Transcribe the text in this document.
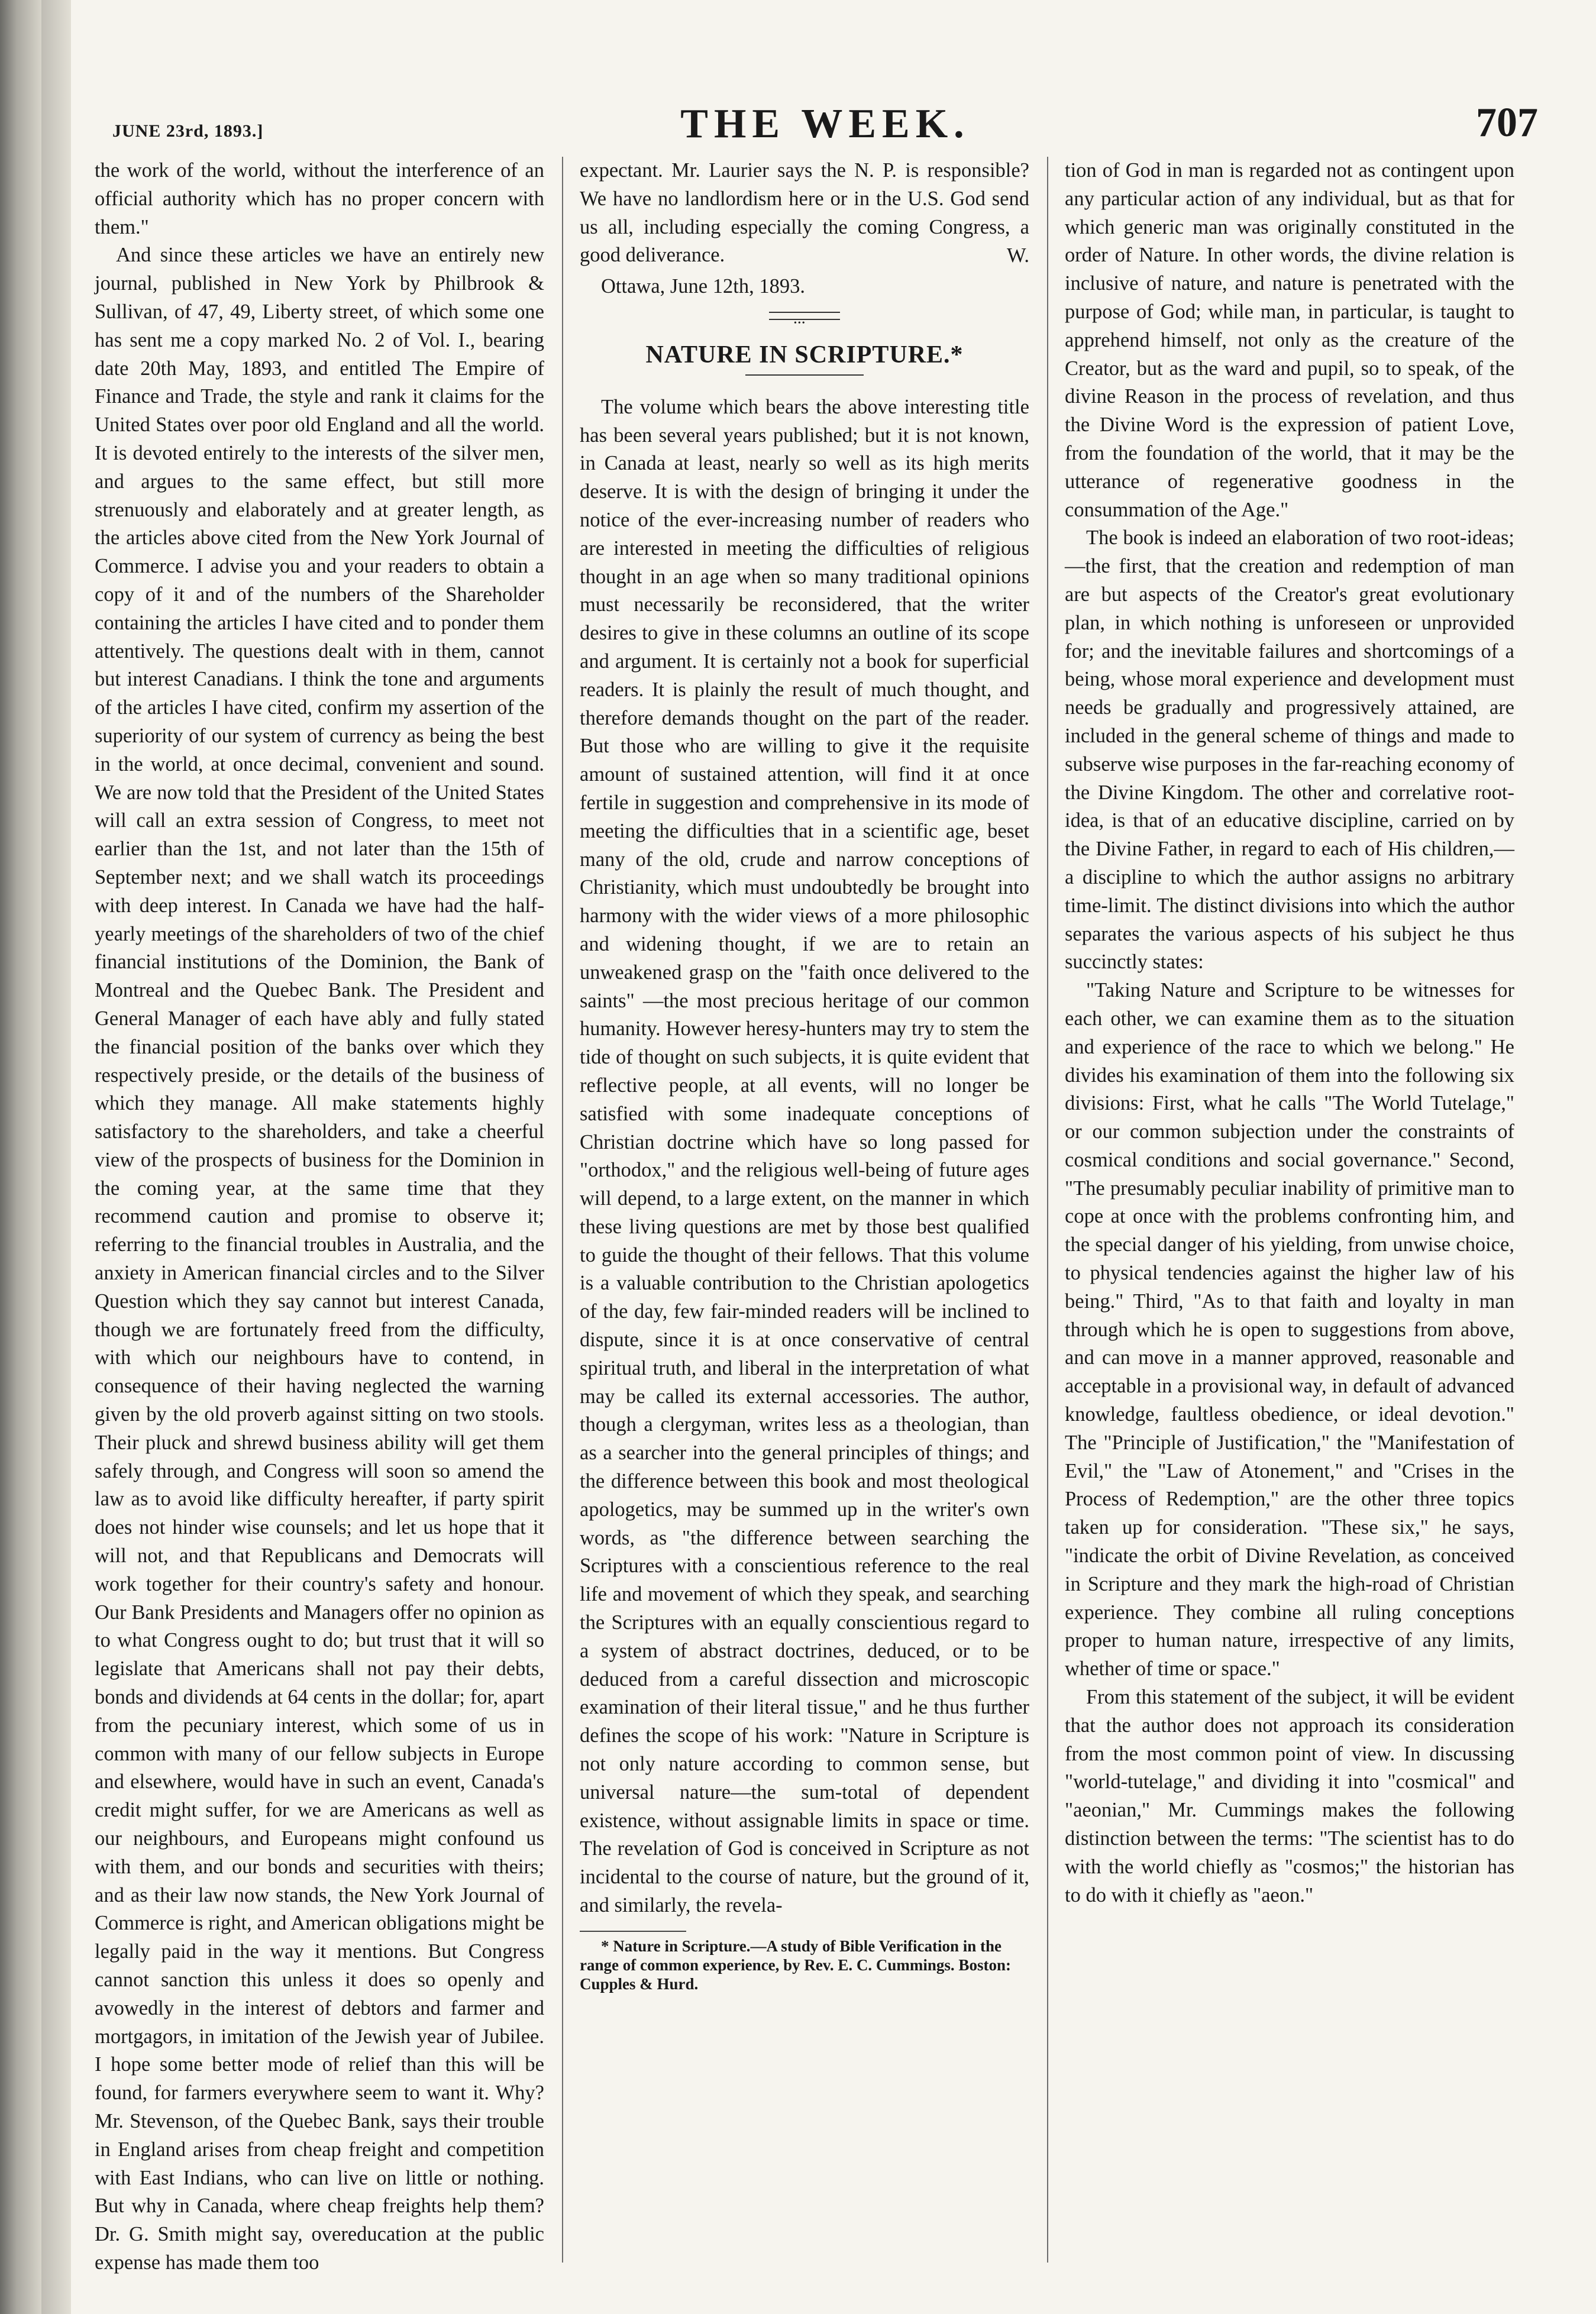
JUNE 23rd, 1893.]	THE WEEK.	707

the work of the world, without the interference of an official authority which has no proper concern with them."

And since these articles we have an entirely new journal, published in New York by Philbrook & Sullivan, of 47, 49, Liberty street, of which some one has sent me a copy marked No. 2 of Vol. I., bearing date 20th May, 1893, and entitled The Empire of Finance and Trade, the style and rank it claims for the United States over poor old England and all the world. It is devoted entirely to the interests of the silver men, and argues to the same effect, but still more strenuously and elaborately and at greater length, as the articles above cited from the New York Journal of Commerce. I advise you and your readers to obtain a copy of it and of the numbers of the Shareholder containing the articles I have cited and to ponder them attentively. The questions dealt with in them, cannot but interest Canadians. I think the tone and arguments of the articles I have cited, confirm my assertion of the superiority of our system of currency as being the best in the world, at once decimal, convenient and sound. We are now told that the President of the United States will call an extra session of Congress, to meet not earlier than the 1st, and not later than the 15th of September next; and we shall watch its proceedings with deep interest. In Canada we have had the half-yearly meetings of the shareholders of two of the chief financial institutions of the Dominion, the Bank of Montreal and the Quebec Bank. The President and General Manager of each have ably and fully stated the financial position of the banks over which they respectively preside, or the details of the business of which they manage. All make statements highly satisfactory to the shareholders, and take a cheerful view of the prospects of business for the Dominion in the coming year, at the same time that they recommend caution and promise to observe it; referring to the financial troubles in Australia, and the anxiety in American financial circles and to the Silver Question which they say cannot but interest Canada, though we are fortunately freed from the difficulty, with which our neighbours have to contend, in consequence of their having neglected the warning given by the old proverb against sitting on two stools. Their pluck and shrewd business ability will get them safely through, and Congress will soon so amend the law as to avoid like difficulty hereafter, if party spirit does not hinder wise counsels; and let us hope that it will not, and that Republicans and Democrats will work together for their country's safety and honour. Our Bank Presidents and Managers offer no opinion as to what Congress ought to do; but trust that it will so legislate that Americans shall not pay their debts, bonds and dividends at 64 cents in the dollar; for, apart from the pecuniary interest, which some of us in common with many of our fellow subjects in Europe and elsewhere, would have in such an event, Canada's credit might suffer, for we are Americans as well as our neighbours, and Europeans might confound us with them, and our bonds and securities with theirs; and as their law now stands, the New York Journal of Commerce is right, and American obligations might be legally paid in the way it mentions. But Congress cannot sanction this unless it does so openly and avowedly in the interest of debtors and farmer and mortgagors, in imitation of the Jewish year of Jubilee. I hope some better mode of relief than this will be found, for farmers everywhere seem to want it. Why? Mr. Stevenson, of the Quebec Bank, says their trouble in England arises from cheap freight and competition with East Indians, who can live on little or nothing. But why in Canada, where cheap freights help them? Dr. G. Smith might say, overeducation at the public expense has made them too

expectant. Mr. Laurier says the N. P. is responsible? We have no landlordism here or in the U.S. God send us all, including especially the coming Congress, a good deliverance.	W.
Ottawa, June 12th, 1893.
•••
NATURE IN SCRIPTURE.*

The volume which bears the above interesting title has been several years published; but it is not known, in Canada at least, nearly so well as its high merits deserve. It is with the design of bringing it under the notice of the ever-increasing number of readers who are interested in meeting the difficulties of religious thought in an age when so many traditional opinions must necessarily be reconsidered, that the writer desires to give in these columns an outline of its scope and argument. It is certainly not a book for superficial readers. It is plainly the result of much thought, and therefore demands thought on the part of the reader. But those who are willing to give it the requisite amount of sustained attention, will find it at once fertile in suggestion and comprehensive in its mode of meeting the difficulties that in a scientific age, beset many of the old, crude and narrow conceptions of Christianity, which must undoubtedly be brought into harmony with the wider views of a more philosophic and widening thought, if we are to retain an unweakened grasp on the "faith once delivered to the saints" —the most precious heritage of our common humanity. However heresy-hunters may try to stem the tide of thought on such subjects, it is quite evident that reflective people, at all events, will no longer be satisfied with some inadequate conceptions of Christian doctrine which have so long passed for "orthodox," and the religious well-being of future ages will depend, to a large extent, on the manner in which these living questions are met by those best qualified to guide the thought of their fellows. That this volume is a valuable contribution to the Christian apologetics of the day, few fair-minded readers will be inclined to dispute, since it is at once conservative of central spiritual truth, and liberal in the interpretation of what may be called its external accessories. The author, though a clergyman, writes less as a theologian, than as a searcher into the general principles of things; and the difference between this book and most theological apologetics, may be summed up in the writer's own words, as "the difference between searching the Scriptures with a conscientious reference to the real life and movement of which they speak, and searching the Scriptures with an equally conscientious regard to a system of abstract doctrines, deduced, or to be deduced from a careful dissection and microscopic examination of their literal tissue," and he thus further defines the scope of his work: "Nature in Scripture is not only nature according to common sense, but universal nature—the sum-total of dependent existence, without assignable limits in space or time. The revelation of God is conceived in Scripture as not incidental to the course of nature, but the ground of it, and similarly, the revela-

* Nature in Scripture.—A study of Bible Verification in the range of common experience, by Rev. E. C. Cummings. Boston: Cupples & Hurd.

tion of God in man is regarded not as contingent upon any particular action of any individual, but as that for which generic man was originally constituted in the order of Nature. In other words, the divine relation is inclusive of nature, and nature is penetrated with the purpose of God; while man, in particular, is taught to apprehend himself, not only as the creature of the Creator, but as the ward and pupil, so to speak, of the divine Reason in the process of revelation, and thus the Divine Word is the expression of patient Love, from the foundation of the world, that it may be the utterance of regenerative goodness in the consummation of the Age."

The book is indeed an elaboration of two root-ideas;—the first, that the creation and redemption of man are but aspects of the Creator's great evolutionary plan, in which nothing is unforeseen or unprovided for; and the inevitable failures and shortcomings of a being, whose moral experience and development must needs be gradually and progressively attained, are included in the general scheme of things and made to subserve wise purposes in the far-reaching economy of the Divine Kingdom. The other and correlative root-idea, is that of an educative discipline, carried on by the Divine Father, in regard to each of His children,—a discipline to which the author assigns no arbitrary time-limit. The distinct divisions into which the author separates the various aspects of his subject he thus succinctly states:

"Taking Nature and Scripture to be witnesses for each other, we can examine them as to the situation and experience of the race to which we belong." He divides his examination of them into the following six divisions: First, what he calls "The World Tutelage," or our common subjection under the constraints of cosmical conditions and social governance." Second, "The presumably peculiar inability of primitive man to cope at once with the problems confronting him, and the special danger of his yielding, from unwise choice, to physical tendencies against the higher law of his being." Third, "As to that faith and loyalty in man through which he is open to suggestions from above, and can move in a manner approved, reasonable and acceptable in a provisional way, in default of advanced knowledge, faultless obedience, or ideal devotion." The "Principle of Justification," the "Manifestation of Evil," the "Law of Atonement," and "Crises in the Process of Redemption," are the other three topics taken up for consideration. "These six," he says, "indicate the orbit of Divine Revelation, as conceived in Scripture and they mark the high-road of Christian experience. They combine all ruling conceptions proper to human nature, irrespective of any limits, whether of time or space."

From this statement of the subject, it will be evident that the author does not approach its consideration from the most common point of view. In discussing "world-tutelage," and dividing it into "cosmical" and "aeonian," Mr. Cummings makes the following distinction between the terms: "The scientist has to do with the world chiefly as "cosmos;" the historian has to do with it chiefly as "aeon."
